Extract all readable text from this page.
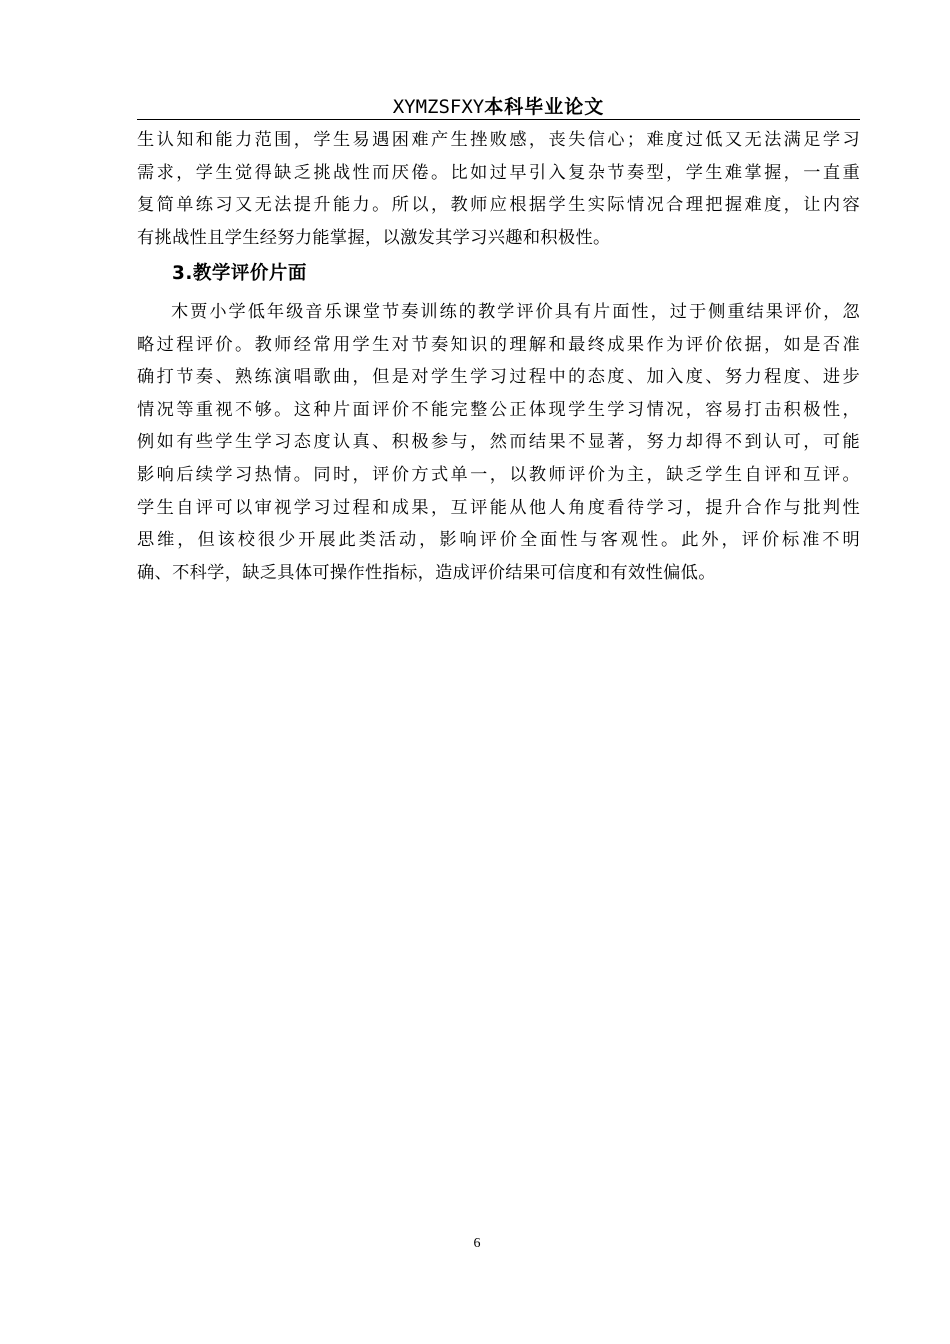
XYMZSFXY本科毕业论文
生认知和能力范围，学生易遇困难产生挫败感，丧失信心；难度过低又无法满足学习
需求，学生觉得缺乏挑战性而厌倦。比如过早引入复杂节奏型，学生难掌握，一直重
复简单练习又无法提升能力。所以，教师应根据学生实际情况合理把握难度，让内容
有挑战性且学生经努力能掌握，以激发其学习兴趣和积极性。
3.教学评价片面
木贾小学低年级音乐课堂节奏训练的教学评价具有片面性，过于侧重结果评价，忽
略过程评价。教师经常用学生对节奏知识的理解和最终成果作为评价依据，如是否准
确打节奏、熟练演唱歌曲，但是对学生学习过程中的态度、加入度、努力程度、进步
情况等重视不够。这种片面评价不能完整公正体现学生学习情况，容易打击积极性，
例如有些学生学习态度认真、积极参与，然而结果不显著，努力却得不到认可，可能
影响后续学习热情。同时，评价方式单一，以教师评价为主，缺乏学生自评和互评。
学生自评可以审视学习过程和成果，互评能从他人角度看待学习，提升合作与批判性
思维，但该校很少开展此类活动，影响评价全面性与客观性。此外，评价标准不明
确、不科学，缺乏具体可操作性指标，造成评价结果可信度和有效性偏低。
6
